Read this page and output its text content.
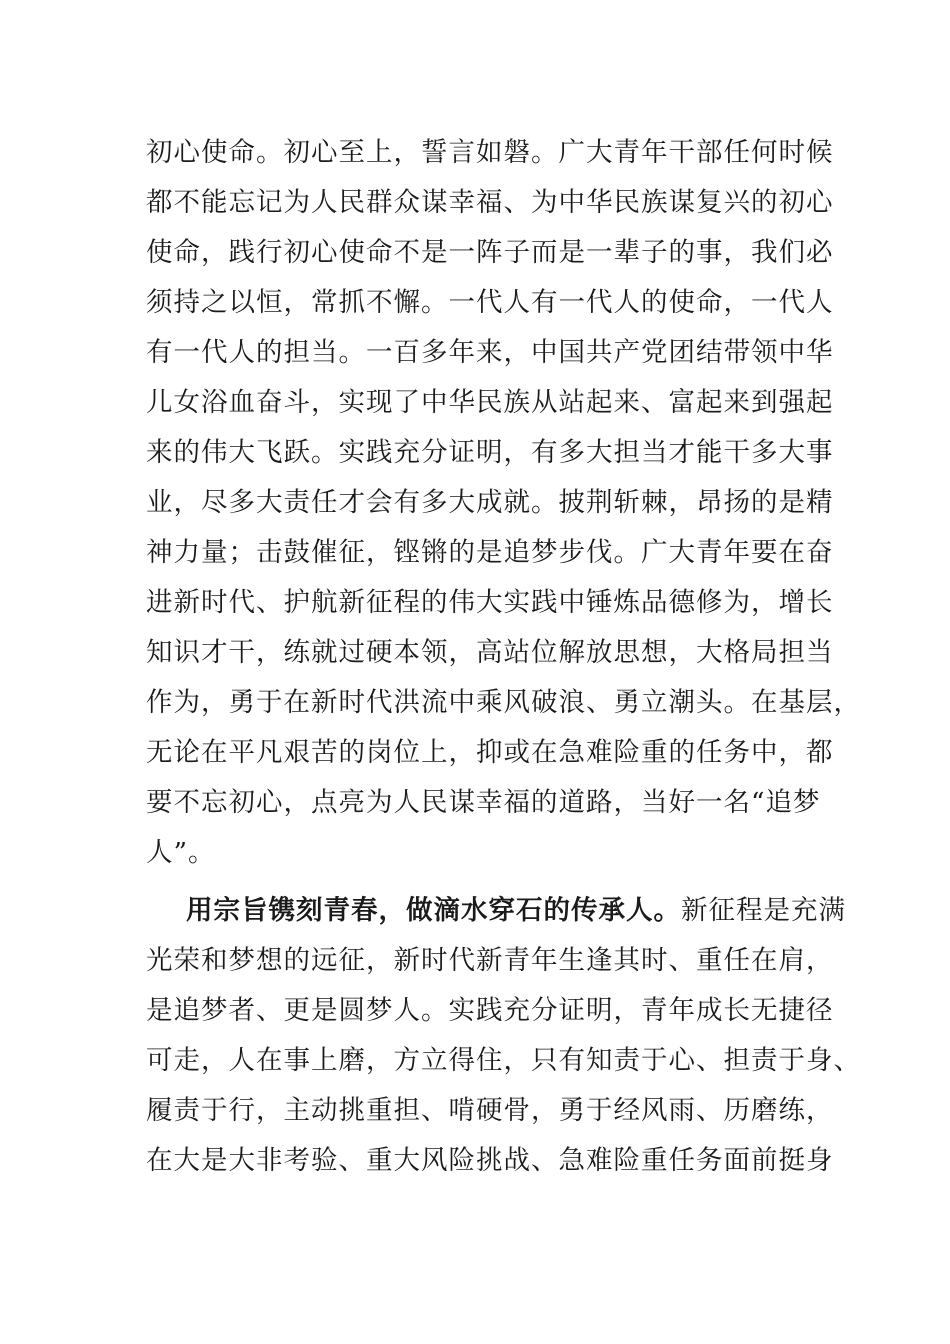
初心使命。初心至上，誓言如磐。广大青年干部任何时候
都不能忘记为人民群众谋幸福、为中华民族谋复兴的初心
使命，践行初心使命不是一阵子而是一辈子的事，我们必
须持之以恒，常抓不懈。一代人有一代人的使命，一代人
有一代人的担当。一百多年来，中国共产党团结带领中华
儿女浴血奋斗，实现了中华民族从站起来、富起来到强起
来的伟大飞跃。实践充分证明，有多大担当才能干多大事
业，尽多大责任才会有多大成就。披荆斩棘，昂扬的是精
神力量；击鼓催征，铿锵的是追梦步伐。广大青年要在奋
进新时代、护航新征程的伟大实践中锤炼品德修为，增长
知识才干，练就过硬本领，高站位解放思想，大格局担当
作为，勇于在新时代洪流中乘风破浪、勇立潮头。在基层，
无论在平凡艰苦的岗位上，抑或在急难险重的任务中，都
要不忘初心，点亮为人民谋幸福的道路，当好一名“追梦
人”。
用宗旨镌刻青春，做滴水穿石的传承人。新征程是充满
光荣和梦想的远征，新时代新青年生逢其时、重任在肩，
是追梦者、更是圆梦人。实践充分证明，青年成长无捷径
可走，人在事上磨，方立得住，只有知责于心、担责于身、
履责于行，主动挑重担、啃硬骨，勇于经风雨、历磨练，
在大是大非考验、重大风险挑战、急难险重任务面前挺身
